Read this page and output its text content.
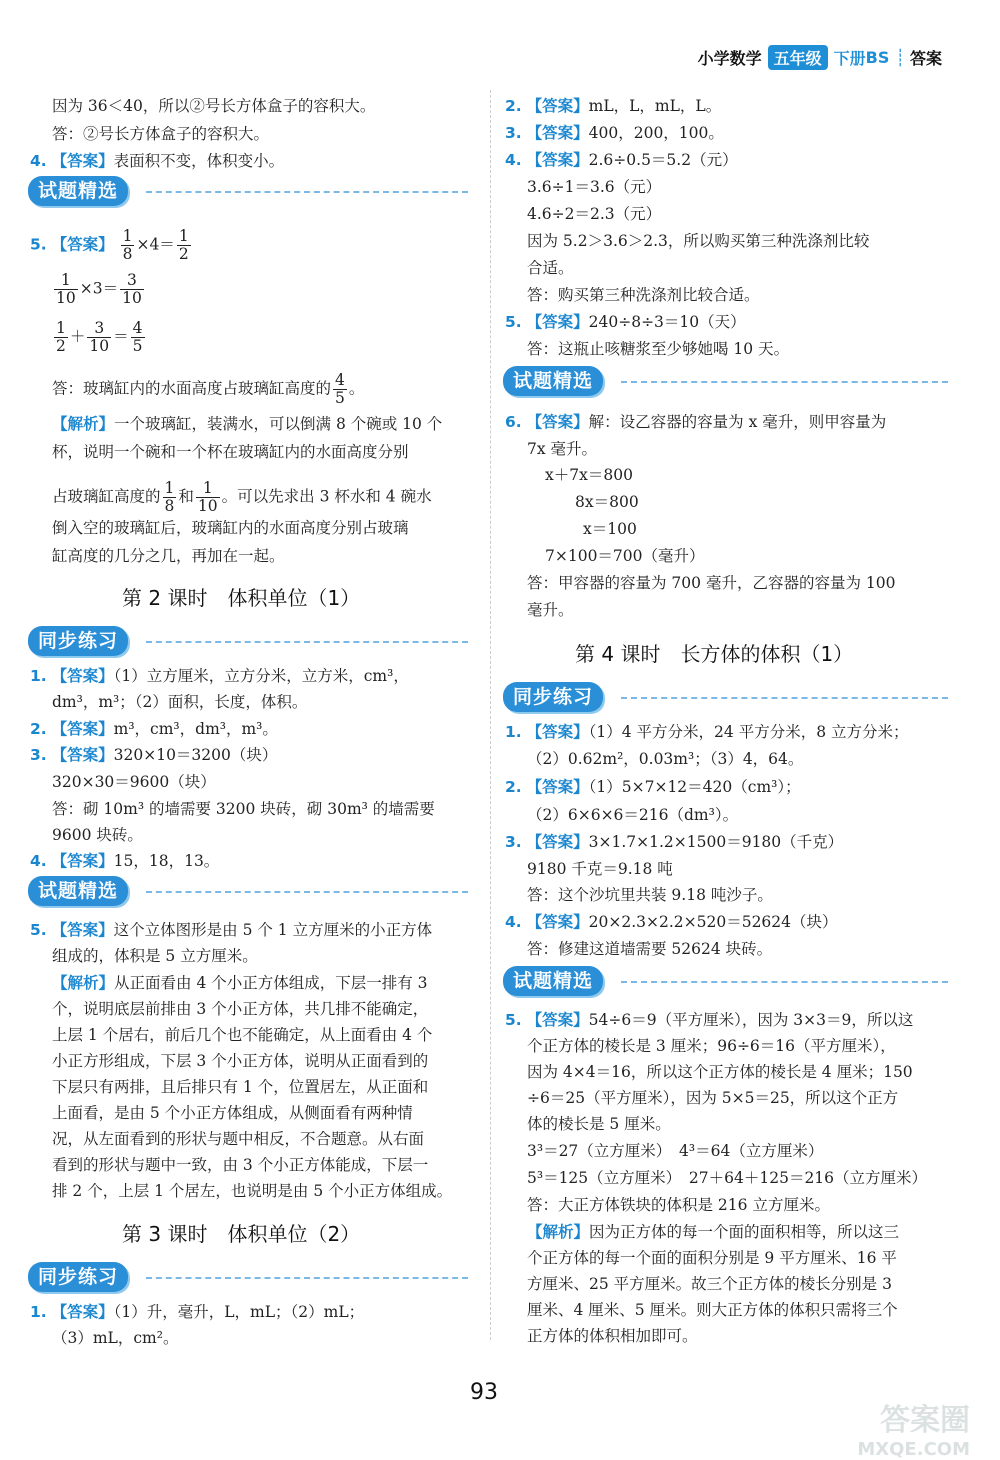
小学数学 五年级 下册 BS ┊ 答案
因为 36＜40，所以②号长方体盒子的容积大。
答：②号长方体盒子的容积大。
4. 【答案】表面积不变，体积变小。
试题精选
5. 【答案】 $\frac{1}{8} \times 4= \frac{1}{2}$
$\frac{1}{10} \times 3= \frac{3}{10}$
$\frac{1}{2} + \frac{3}{10} = \frac{4}{5}$
答：玻璃缸内的水面高度占玻璃缸高度的 $\frac{4}{5}$ 。
【解析】一个玻璃缸，装满水，可以倒满 8 个碗或 10 个
杯，说明一个碗和一个杯在玻璃缸内的水面高度分别
占玻璃缸高度的 $\frac{1}{8}$ 和 $\frac{1}{10}$ 。可以先求出 3 杯水和 4 碗水
倒入空的玻璃缸后，玻璃缸内的水面高度分别占玻璃
缸高度的几分之几，再加在一起。
第 2 课时　体积单位（1）
同步练习
1. 【答案】（1）立方厘米，立方分米，立方米，cm³，
dm³，m³；（2）面积，长度，体积。
2. 【答案】m³，cm³，dm³，m³。
3. 【答案】320×10＝3200（块）
320×30＝9600（块）
答：砌 10m³ 的墙需要 3200 块砖，砌 30m³ 的墙需要
9600 块砖。
4. 【答案】15，18，13。
试题精选
5. 【答案】这个立体图形是由 5 个 1 立方厘米的小正方体
组成的，体积是 5 立方厘米。
【解析】从正面看由 4 个小正方体组成，下层一排有 3
个，说明底层前排由 3 个小正方体，共几排不能确定，
上层 1 个居右，前后几个也不能确定，从上面看由 4 个
小正方形组成，下层 3 个小正方体，说明从正面看到的
下层只有两排，且后排只有 1 个，位置居左，从正面和
上面看，是由 5 个小正方体组成，从侧面看有两种情
况，从左面看到的形状与题中相反，不合题意。从右面
看到的形状与题中一致，由 3 个小正方体能成，下层一
排 2 个，上层 1 个居左，也说明是由 5 个小正方体组成。
第 3 课时　体积单位（2）
同步练习
1. 【答案】（1）升，毫升，L，mL；（2）mL；
（3）mL，cm²。
2. 【答案】mL，L，mL，L。
3. 【答案】400，200，100。
4. 【答案】2.6÷0.5＝5.2（元）
3.6÷1＝3.6（元）
4.6÷2＝2.3（元）
因为 5.2＞3.6＞2.3，所以购买第三种洗涤剂比较
合适。
答：购买第三种洗涤剂比较合适。
5. 【答案】240÷8÷3＝10（天）
答：这瓶止咳糖浆至少够她喝 10 天。
试题精选
6. 【答案】解：设乙容器的容量为 x 毫升，则甲容量为
7x 毫升。
x＋7x＝800
8x＝800
x＝100
7×100＝700（毫升）
答：甲容器的容量为 700 毫升，乙容器的容量为 100
毫升。
第 4 课时　长方体的体积（1）
同步练习
1. 【答案】（1）4 平方分米，24 平方分米，8 立方分米；
（2）0.62m²，0.03m³；（3）4，64。
2. 【答案】（1）5×7×12＝420（cm³）；
（2）6×6×6＝216（dm³）。
3. 【答案】3×1.7×1.2×1500＝9180（千克）
9180 千克＝9.18 吨
答：这个沙坑里共装 9.18 吨沙子。
4. 【答案】20×2.3×2.2×520＝52624（块）
答：修建这道墙需要 52624 块砖。
试题精选
5. 【答案】54÷6＝9（平方厘米），因为 3×3＝9，所以这
个正方体的棱长是 3 厘米；96÷6＝16（平方厘米），
因为 4×4＝16，所以这个正方体的棱长是 4 厘米；150
÷6＝25（平方厘米），因为 5×5＝25，所以这个正方
体的棱长是 5 厘米。
3³＝27（立方厘米）　4³＝64（立方厘米）
5³＝125（立方厘米）　27＋64＋125＝216（立方厘米）
答：大正方体铁块的体积是 216 立方厘米。
【解析】因为正方体的每一个面的面积相等，所以这三
个正方体的每一个面的面积分别是 9 平方厘米、16 平
方厘米、25 平方厘米。故三个正方体的棱长分别是 3
厘米、4 厘米、5 厘米。则大正方体的体积只需将三个
正方体的体积相加即可。
93
答案圈
MXQE.COM
